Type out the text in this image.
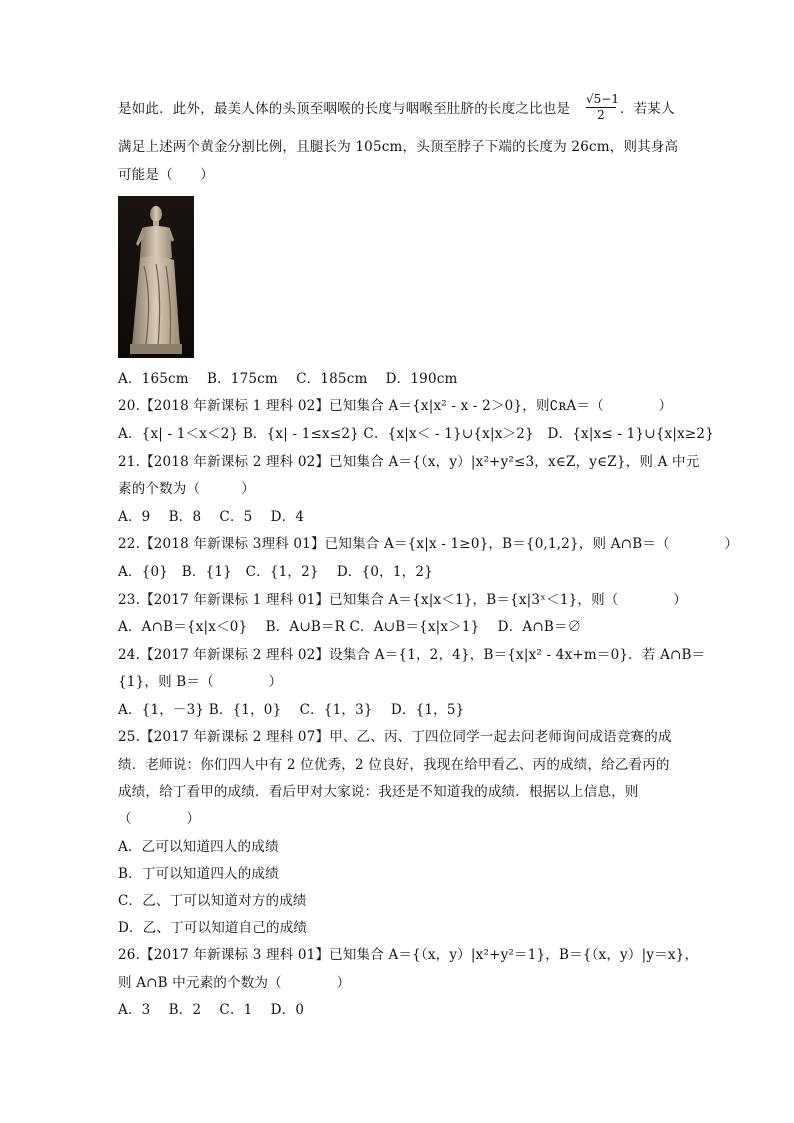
是如此．此外，最美人体的头顶至咽喉的长度与咽喉至肚脐的长度之比也是 $\frac{√5-1}{2}$ ．若某人
满足上述两个黄金分割比例，且腿长为 105cm，头顶至脖子下端的长度为 26cm，则其身高
可能是（　　）
A．165cm　 B．175cm　 C．185cm　 D．190cm
20.【2018 年新课标 1 理科 02】已知集合 A＝{x|x² - x - 2＞0}，则∁ʀA＝（　　　　）
A．{x| - 1＜x＜2} B．{x| - 1≤x≤2} C．{x|x＜ - 1}∪{x|x＞2}　D．{x|x≤ - 1}∪{x|x≥2}
21.【2018 年新课标 2 理科 02】已知集合 A＝{（x，y）|x²+y²≤3，x∈Z，y∈Z}，则 A 中元
素的个数为（　　　）
A．9　 B．8　 C．5　 D．4
22.【2018 年新课标 3理科 01】已知集合 A＝{x|x - 1≥0}，B＝{0,1,2}，则 A∩B＝（　　　　）
A．{0}　B．{1}　C．{1，2}　 D．{0，1，2}
23.【2017 年新课标 1 理科 01】已知集合 A＝{x|x＜1}，B＝{x|3ˣ＜1}，则（　　　　）
A．A∩B＝{x|x＜0}　 B．A∪B＝R C．A∪B＝{x|x＞1}　 D．A∩B＝∅
24.【2017 年新课标 2 理科 02】设集合 A＝{1，2，4}，B＝{x|x² - 4x+m＝0}．若 A∩B＝
{1}，则 B＝（　　　　）
A．{1，－3} B．{1，0}　 C．{1，3}　 D．{1，5}
25.【2017 年新课标 2 理科 07】甲、乙、丙、丁四位同学一起去问老师询问成语竞赛的成
绩．老师说：你们四人中有 2 位优秀，2 位良好，我现在给甲看乙、丙的成绩，给乙看丙的
成绩，给丁看甲的成绩．看后甲对大家说：我还是不知道我的成绩．根据以上信息，则
（　　　　）
A．乙可以知道四人的成绩
B．丁可以知道四人的成绩
C．乙、丁可以知道对方的成绩
D．乙、丁可以知道自己的成绩
26.【2017 年新课标 3 理科 01】已知集合 A＝{（x，y）|x²+y²＝1}，B＝{（x，y）|y＝x}，
则 A∩B 中元素的个数为（　　　　）
A．3　 B．2　 C．1　 D．0
